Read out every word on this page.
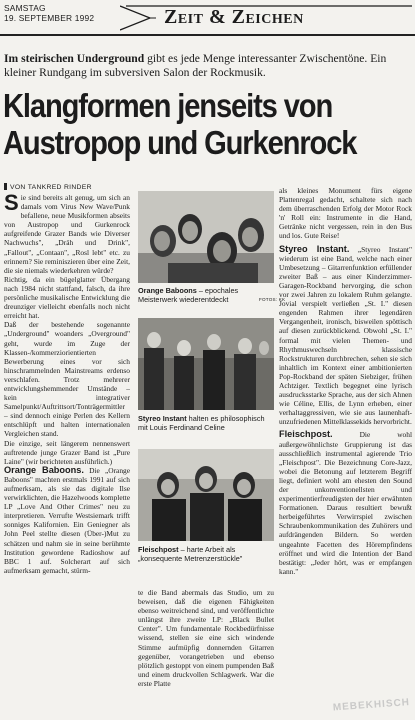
SAMSTAG
19. SEPTEMBER 1992	Zeit & Zeichen
Im steirischen Underground gibt es jede Menge interessanter Zwischentöne. Ein kleiner Rundgang im subversiven Salon der Rockmusik.
Klangformen jenseits von
Austropop und Gurkenrock
VON TANKRED RINDER

Sie sind bereits alt genug, um sich an damals vom Virus New Wave/Punk befallene, neue Musikformen abseits von Austropop und Gurkenrock aufgreifende Grazer Bands wie Diverser Nachwuchs", „Dräh und Drink", „Fallout", „Contaan", „Rosl lebt" etc. zu erinnern? Sie reminiszieren über eine Zeit, die sie niemals wiederkehren würde?

Richtig, da ein bügelglatter Übergang nach 1984 nicht stattfand, falsch, da ihre persönliche musikalische Entwicklung die dreunziger vielleicht ebenfalls noch nicht erreicht hat.

Daß der bestehende sogenannte „Underground" woanders „Overground" geht, wurde im Zuge der Klassen-/kommerziorientierten Bewerberung eines vor sich hinschrammelnden Mainstreams erdenso verschlafen. Trotz mehrerer entwicklungshemmender Umstände – kein integrativer Samelpunkt/Auftrittsort/Tonträgermittler – sind dennoch einige Perlen des Kellern entschlüpft und halten internationalen Vergleichen stand.

Die einzige, seit längerem nennenswert auftretende junge Grazer Band ist „Pure Laine" (wir berichteten ausführlich.)

Orange Baboons. Die „Orange Baboons" machten erstmals 1991 auf sich aufmerksam, als sie das digitale Ilse verwirklichten, die Hazelwoods komplette LP „Love And Other Crimes" neu zu interpretieren. Verrufte Westsiemark trifft sonniges Kalifornien. Ein Geniegner als John Peel stellte diesen (Über-)Mut zu schätzen und nahm sie in seine berühmte Institution gewordene Radioshow auf BBC 1 auf. Solcherart auf sich aufmerksam gemacht, stürm-

Orange Baboons – epochales Meisterwerk wiederentdeckt	FOTOS: KK
Styreo Instant halten es philosophisch mit Louis Ferdinand Celine
Fleischpost – harte Arbeit als „konsequente Metrenzerstückle"

te die Band abermals das Studio, um zu beweisen, daß die eigenen Fähigkeiten ebenso weitreichend sind, und veröffentlichte unlängst ihre zweite LP: „Black Bullet Center". Um fundamentale Rockbedürfnisse wissend, stellen sie eine sich windende Stimme aufmüpfig donnernden Gitarren gegenüber, vorangetrieben und ebenso plötzlich gestoppt von einem pumpenden Baß und einem druckvollen Schlagwerk. War die erste Platte

als kleines Monument fürs eigene Plattenregal gedacht, schaltete sich nach dem überraschenden Erfolg der Motor Rock 'n' Roll ein: Instrumente in die Hand, Getränke nicht vergessen, rein in den Bus und los. Gute Reise!

Styreo Instant. „Styreo Instant" wiederum ist eine Band, welche nach einer Umbesetzung – Gitarrenfunktion erfüllender zweiter Baß – aus einer Kinderzimmer-Garagen-Rockband hervorging, die schon vor zwei Jahren zu lokalem Ruhm gelangte. Jovial verspielt verließen „St. I." diesen engenden Rahmen ihrer legendären Vergangenheit, ironisch, bisweilen spöttisch auf diesen zurückblickend. Obwohl „St. I." formal mit vielen Themen- und Rhythmuswechseln klassische Rockstrukturen durchbrechen, sehen sie sich inhaltlich im Kontext einer ambitionierten Pop-Rockband der späten Siebziger, frühen Achtziger. Textlich begegnet eine lyrisch ausdrucksstarke Sprache, aus der sich Ahnen wie Céline, Ellis, de Lynn erheben, einer verhaltaggressiven, wie sie aus launenhaft-unzufriedenen Mittelklassekids hervorbricht.

Fleischpost. Die wohl außergewöhnlichste Gruppierung ist das ausschließlich instrumental agierende Trio „Fleischpost". Die Bezeichnung Core-Jazz, wobei die Betonung auf letzterem Begriff liegt, definiert wohl am ehesten den Sound der unkonventionellsten und experimentierfreudigsten der hier erwähnten Formationen. Daraus resultiert bewußt herbeigeführtes Verwirrspiel zwischen Schraubenkommunikation des Zuhörers und aufdrängenden Bildern. So werden ungeahnte Facetten des Hörempfindens eröffnet und wird die Intention der Band bestätigt: „Jeder hört, was er empfangen kann."

MEBEKHISCH
